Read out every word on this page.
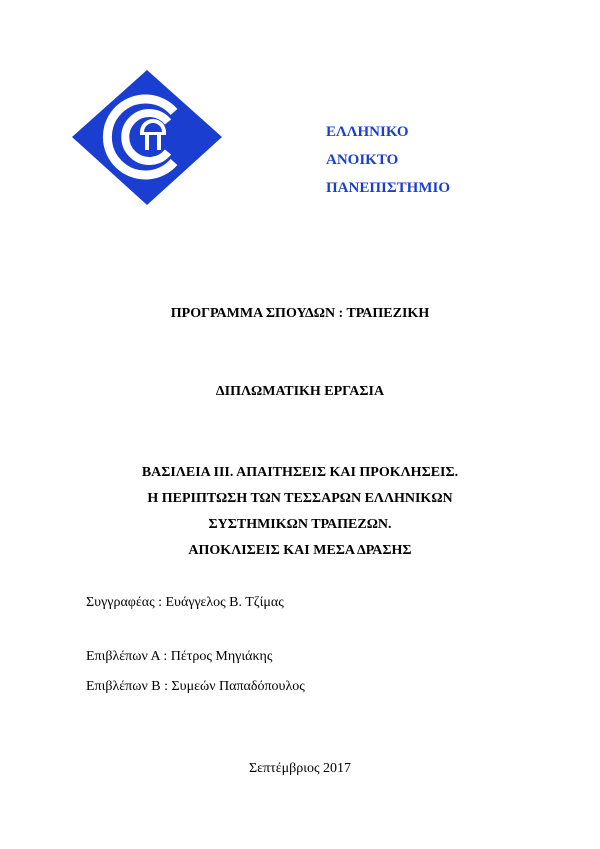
ΕΛΛΗΝΙΚΟ
ΑΝΟΙΚΤΟ
ΠΑΝΕΠΙΣΤΗΜΙΟ
ΠΡΟΓΡΑΜΜΑ ΣΠΟΥΔΩΝ : ΤΡΑΠΕΖΙΚΗ
ΔΙΠΛΩΜΑΤΙΚΗ ΕΡΓΑΣΙΑ
ΒΑΣΙΛΕΙΑ ΙΙΙ. ΑΠΑΙΤΗΣΕΙΣ ΚΑΙ ΠΡΟΚΛΗΣΕΙΣ.
Η ΠΕΡΙΠΤΩΣΗ ΤΩΝ ΤΕΣΣΑΡΩΝ ΕΛΛΗΝΙΚΩΝ
ΣΥΣΤΗΜΙΚΩΝ ΤΡΑΠΕΖΩΝ.
ΑΠΟΚΛΙΣΕΙΣ ΚΑΙ ΜΕΣΑ ΔΡΑΣΗΣ
Συγγραφέας : Ευάγγελος Β. Τζίμας
Επιβλέπων Α : Πέτρος Μηγιάκης
Επιβλέπων Β : Συμεών Παπαδόπουλος
Σεπτέμβριος 2017
